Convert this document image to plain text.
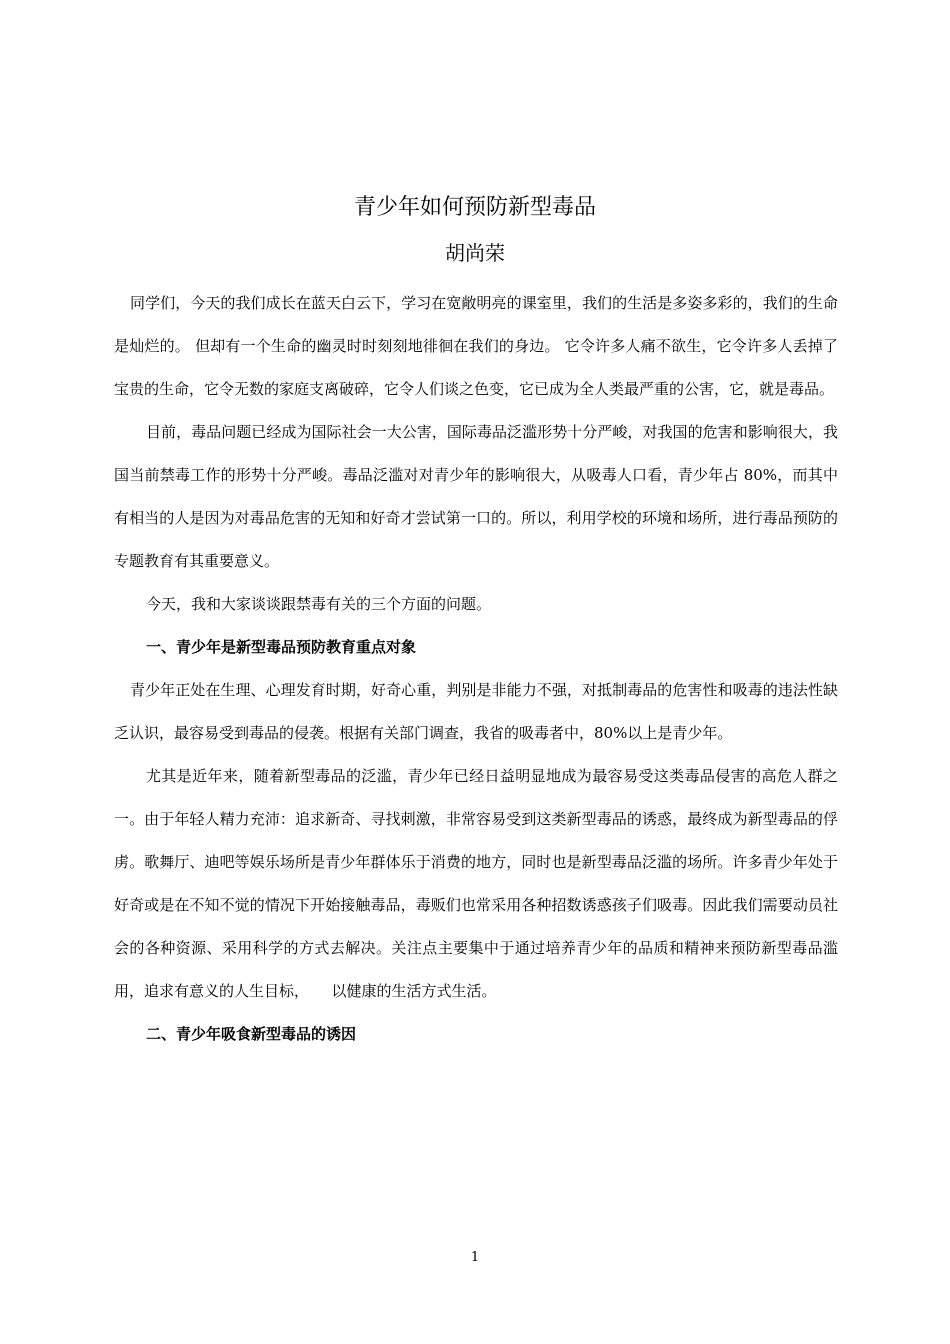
青少年如何预防新型毒品
胡尚荣

同学们，今天的我们成长在蓝天白云下，学习在宽敞明亮的课室里，我们的生活是多姿多彩的，我们的生命是灿烂的。 但却有一个生命的幽灵时时刻刻地徘徊在我们的身边。 它令许多人痛不欲生，它令许多人丢掉了宝贵的生命，它令无数的家庭支离破碎，它令人们谈之色变，它已成为全人类最严重的公害，它，就是毒品。

目前，毒品问题已经成为国际社会一大公害，国际毒品泛滥形势十分严峻，对我国的危害和影响很大，我国当前禁毒工作的形势十分严峻。毒品泛滥对对青少年的影响很大，从吸毒人口看，青少年占 80%，而其中有相当的人是因为对毒品危害的无知和好奇才尝试第一口的。所以，利用学校的环境和场所，进行毒品预防的专题教育有其重要意义。

今天，我和大家谈谈跟禁毒有关的三个方面的问题。

一、青少年是新型毒品预防教育重点对象

青少年正处在生理、心理发育时期，好奇心重，判别是非能力不强，对抵制毒品的危害性和吸毒的违法性缺乏认识，最容易受到毒品的侵袭。根据有关部门调查，我省的吸毒者中，80%以上是青少年。

尤其是近年来，随着新型毒品的泛滥，青少年已经日益明显地成为最容易受这类毒品侵害的高危人群之一。由于年轻人精力充沛：追求新奇、寻找刺激，非常容易受到这类新型毒品的诱惑，最终成为新型毒品的俘虏。歌舞厅、迪吧等娱乐场所是青少年群体乐于消费的地方，同时也是新型毒品泛滥的场所。许多青少年处于好奇或是在不知不觉的情况下开始接触毒品，毒贩们也常采用各种招数诱惑孩子们吸毒。因此我们需要动员社会的各种资源、采用科学的方式去解决。关注点主要集中于通过培养青少年的品质和精神来预防新型毒品滥用，追求有意义的人生目标，　　以健康的生活方式生活。

二、青少年吸食新型毒品的诱因

1
